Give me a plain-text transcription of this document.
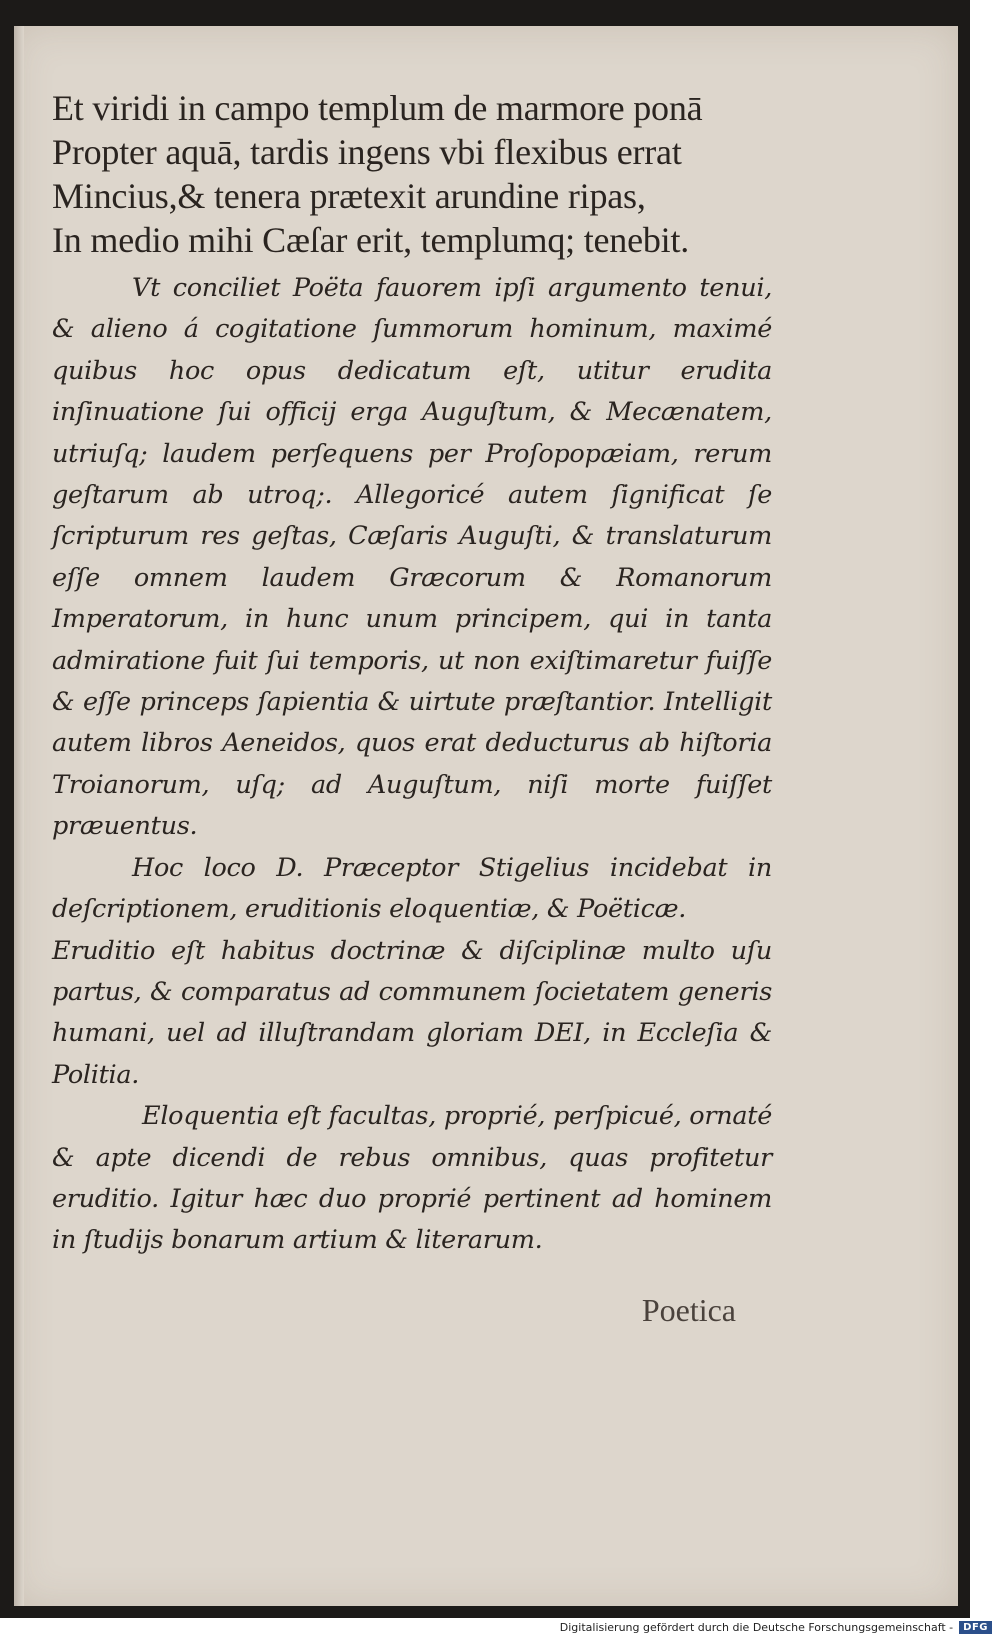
Et viridi in campo templum de marmore ponā

Propter aquā, tardis ingens vbi flexibus errat

Mincius,& tenera prætexit arundine ripas,

In medio mihi Cæſar erit, templumq; tenebit.

Vt conciliet Poëta fauorem ipſi argumento tenui, & alieno á cogitatione ſummorum hominum, maximé quibus hoc opus dedicatum eſt, utitur erudita inſinuatione ſui officij erga Auguſtum, & Mecænatem, utriuſq; laudem perſequens per Proſopopæiam, rerum geſtarum ab utroq;. Allegoricé autem ſignificat ſe ſcripturum res geſtas, Cæſaris Auguſti, & translaturum eſſe omnem laudem Græcorum & Romanorum Imperatorum, in hunc unum principem, qui in tanta admiratione fuit ſui temporis, ut non exiſtimaretur fuiſſe & eſſe princeps ſapientia & uirtute præſtantior. Intelligit autem libros Aeneidos, quos erat deducturus ab hiſtoria Troianorum, uſq; ad Auguſtum, niſi morte fuiſſet præuentus.

Hoc loco D. Præceptor Stigelius incidebat in deſcriptionem, eruditionis eloquentiæ, & Poëticæ.

Eruditio eſt habitus doctrinæ & diſciplinæ multo uſu partus, & comparatus ad communem ſocietatem generis humani, uel ad illuſtrandam gloriam DEI, in Eccleſia & Politia.

Eloquentia eſt facultas, proprié, perſpicué, ornaté & apte dicendi de rebus omnibus, quas profitetur eruditio. Igitur hæc duo proprié pertinent ad hominem in ſtudijs bonarum artium & literarum.

Poetica
Digitalisierung gefördert durch die Deutsche Forschungsgemeinschaft -	DFG
